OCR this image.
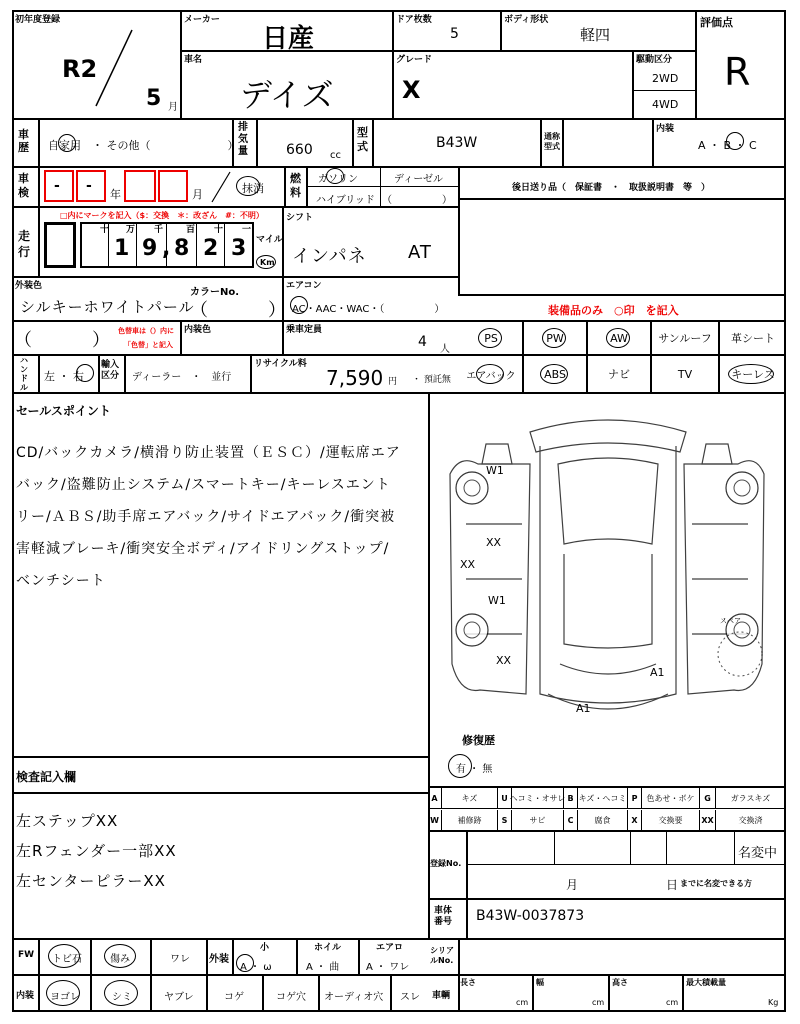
初年度登録
R2
5 月
メーカー
日産
ドア枚数
5
ボディ形状
軽四
評価点
R
車名
デイズ
グレード
X
駆動区分
2WD
4WD
車歴 自家用　・ その他（　　　　　　　）
排気量	660 cc
型式	B43W	通称型式
内装
A ・ B ・ C
車検 - -
年	月	抹消
燃料
ガソリン	ディーゼル
ハイブリッド （　　　　　）
後日送り品（　保証書　・　取扱説明書　等　）
走行
□内にマークを記入（$：交換　＊：改ざん　#：不明）
十 万 千	百 十 一
1 9 , 8 2 3 マイル
Km
シフト
インパネ AT
外装色
カラーNo.
シルキーホワイトパール
（	）
エアコン
AC・AAC・WAC・（　　　　　）	装備品のみ　○印　を記入
（	） 色替車は（）内に
「色替」と記入
内装色	乗車定員
4 人
PS	PW	AW	サンルーフ	革シート
ハンドル
左 ・ 右
輸入区分	ディーラー　・　並行
リサイクル料
7,590 円 ・ 預託無	エアバック	ABS	ナビ	TV	キーレス
セールスポイント
CD/バックカメラ/横滑り防止装置（ＥＳＣ）/運転席エア
バック/盗難防止システム/スマートキー/キーレスエント
リー/ＡＢＳ/助手席エアバック/サイドエアバック/衝突被
害軽減ブレーキ/衝突安全ボディ/アイドリングストップ/
ベンチシート
W1
XX
XX
W1
XX
A1
A1
スペア
修復歴
有 ・ 無
A	キズ	U ヘコミ・オサレ B キズ・ヘコミ P	色あせ・ボケ	G	ガラスキズ
W	補修跡	S	サビ	C	腐食	X	交換要	XX	交換済
検査記入欄
左ステップXX
左Rフェンダー一部XX
左センターピラーXX
登録No.
名変中
月	日 までに名変できる方
車体番号	B43W-0037873
FW トビ石	傷み	ワレ 外装
小
A ・ ω
ホイル
A ・ 曲
エアロ
A ・ ワレ
シリアルNo.
内装 ヨゴレ	シミ	ヤブレ	コゲ	コゲ穴 オーディオ穴 スレ 車輌
長さ
cm
幅
cm
高さ
cm
最大積載量
Kg
